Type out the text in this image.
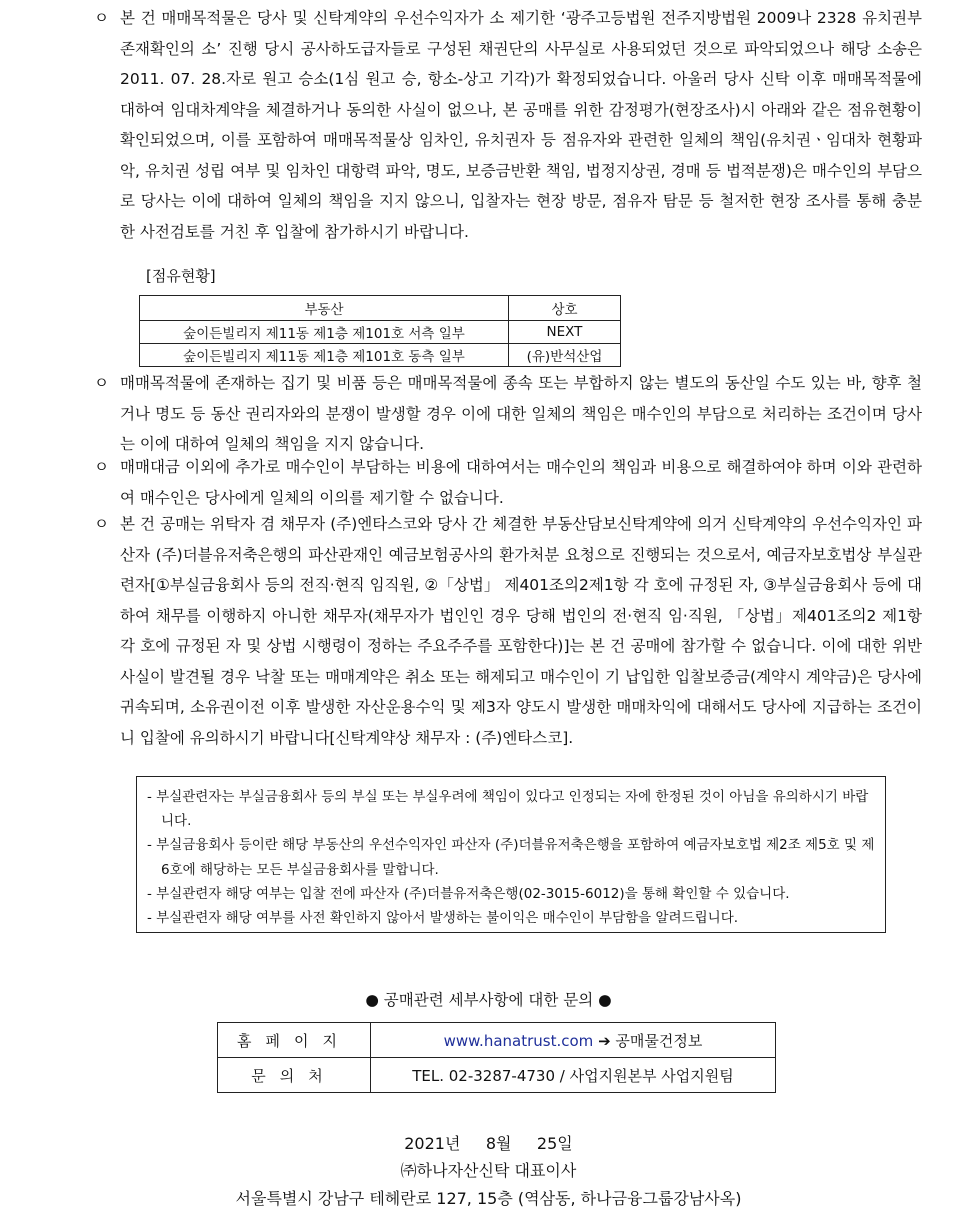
ㅇ 본 건 매매목적물은 당사 및 신탁계약의 우선수익자가 소 제기한 ‘광주고등법원 전주지방법원 2009나 2328 유치권부존재확인의 소’ 진행 당시 공사하도급자들로 구성된 채권단의 사무실로 사용되었던 것으로 파악되었으나 해당 소송은 2011. 07. 28.자로 원고 승소(1심 원고 승, 항소-상고 기각)가 확정되었습니다. 아울러 당사 신탁 이후 매매목적물에 대하여 임대차계약을 체결하거나 동의한 사실이 없으나, 본 공매를 위한 감정평가(현장조사)시 아래와 같은 점유현황이 확인되었으며, 이를 포함하여 매매목적물상 임차인, 유치권자 등 점유자와 관련한 일체의 책임(유치권ㆍ임대차 현황파악, 유치권 성립 여부 및 임차인 대항력 파악, 명도, 보증금반환 책임, 법정지상권, 경매 등 법적분쟁)은 매수인의 부담으로 당사는 이에 대하여 일체의 책임을 지지 않으니, 입찰자는 현장 방문, 점유자 탐문 등 철저한 현장 조사를 통해 충분한 사전검토를 거친 후 입찰에 참가하시기 바랍니다.
[점유현황]
부동산	상호
숲이든빌리지 제11동 제1층 제101호 서측 일부	NEXT
숲이든빌리지 제11동 제1층 제101호 동측 일부	(유)반석산업
ㅇ 매매목적물에 존재하는 집기 및 비품 등은 매매목적물에 종속 또는 부합하지 않는 별도의 동산일 수도 있는 바, 향후 철거나 명도 등 동산 권리자와의 분쟁이 발생할 경우 이에 대한 일체의 책임은 매수인의 부담으로 처리하는 조건이며 당사는 이에 대하여 일체의 책임을 지지 않습니다.
ㅇ 매매대금 이외에 추가로 매수인이 부담하는 비용에 대하여서는 매수인의 책임과 비용으로 해결하여야 하며 이와 관련하여 매수인은 당사에게 일체의 이의를 제기할 수 없습니다.
ㅇ 본 건 공매는 위탁자 겸 채무자 (주)엔타스코와 당사 간 체결한 부동산담보신탁계약에 의거 신탁계약의 우선수익자인 파산자 (주)더블유저축은행의 파산관재인 예금보험공사의 환가처분 요청으로 진행되는 것으로서, 예금자보호법상 부실관련자[①부실금융회사 등의 전직·현직 임직원, ②「상법」 제401조의2제1항 각 호에 규정된 자, ③부실금융회사 등에 대하여 채무를 이행하지 아니한 채무자(채무자가 법인인 경우 당해 법인의 전·현직 임·직원, 「상법」제401조의2 제1항 각 호에 규정된 자 및 상법 시행령이 정하는 주요주주를 포함한다)]는 본 건 공매에 참가할 수 없습니다. 이에 대한 위반사실이 발견될 경우 낙찰 또는 매매계약은 취소 또는 해제되고 매수인이 기 납입한 입찰보증금(계약시 계약금)은 당사에 귀속되며, 소유권이전 이후 발생한 자산운용수익 및 제3자 양도시 발생한 매매차익에 대해서도 당사에 지급하는 조건이니 입찰에 유의하시기 바랍니다[신탁계약상 채무자 : (주)엔타스코].
- 부실관련자는 부실금융회사 등의 부실 또는 부실우려에 책임이 있다고 인정되는 자에 한정된 것이 아님을 유의하시기 바랍니다.
- 부실금융회사 등이란 해당 부동산의 우선수익자인 파산자 (주)더블유저축은행을 포함하여 예금자보호법 제2조 제5호 및 제6호에 해당하는 모든 부실금융회사를 말합니다.
- 부실관련자 해당 여부는 입찰 전에 파산자 (주)더블유저축은행(02-3015-6012)을 통해 확인할 수 있습니다.
- 부실관련자 해당 여부를 사전 확인하지 않아서 발생하는 불이익은 매수인이 부담함을 알려드립니다.
● 공매관련 세부사항에 대한 문의 ●
홈페이지	www.hanatrust.com ➔ 공매물건정보
문의처	TEL. 02-3287-4730 / 사업지원본부 사업지원팀
2021년     8월     25일
㈜하나자산신탁 대표이사
서울특별시 강남구 테헤란로 127, 15층 (역삼동, 하나금융그룹강남사옥)
